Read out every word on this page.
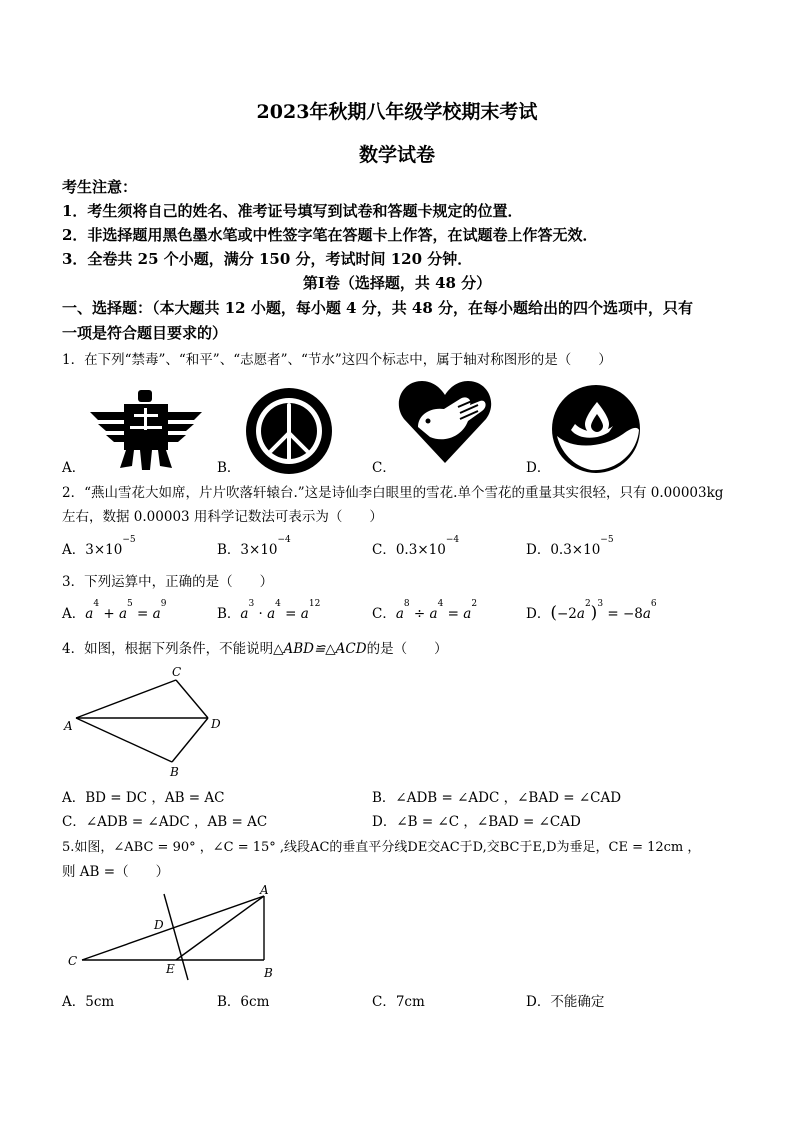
2023年秋期八年级学校期末考试
数学试卷
考生注意：
1．考生须将自己的姓名、准考证号填写到试卷和答题卡规定的位置．
2．非选择题用黑色墨水笔或中性签字笔在答题卡上作答，在试题卷上作答无效．
3．全卷共 25 个小题，满分 150 分，考试时间 120 分钟．
第Ⅰ卷（选择题，共 48 分）
一、选择题：（本大题共 12 小题，每小题 4 分，共 48 分，在每小题给出的四个选项中，只有
一项是符合题目要求的）
1．在下列“禁毒”、“和平”、“志愿者”、“节水”这四个标志中，属于轴对称图形的是（　　）
A．	B．	C．	D．
2．“燕山雪花大如席，片片吹落轩辕台.”这是诗仙李白眼里的雪花.单个雪花的重量其实很轻，只有 0.00003kg
左右，数据 0.00003 用科学记数法可表示为（　　）
A．$3\times 10^{-5}$
B．$3\times 10^{-4}$
C．$0.3\times 10^{-4}$
D．$0.3\times 10^{-5}$
3．下列运算中，正确的是（　　）
A．$a^4 + a^5 = a^9$
B．$a^3 \cdot a^4 = a^{12}$
C．$a^8 \div a^4 = a^2$
D．$(-2a^2)^3 = -8a^6$
4．如图，根据下列条件，不能说明△ABD≌△ACD的是（　　）
A
B
C
D
A．BD = DC ，AB = AC	B．∠ADB = ∠ADC ，∠BAD = ∠CAD
C．∠ADB = ∠ADC ，AB = AC	D．∠B = ∠C ，∠BAD = ∠CAD
5.如图，∠ABC = 90° ，∠C = 15° ,线段AC的垂直平分线DE交AC于D,交BC于E,D为垂足，CE = 12cm ，
则 AB =（　　）
A
B
C
D
E
A．5cm	B．6cm	C．7cm	D．不能确定
